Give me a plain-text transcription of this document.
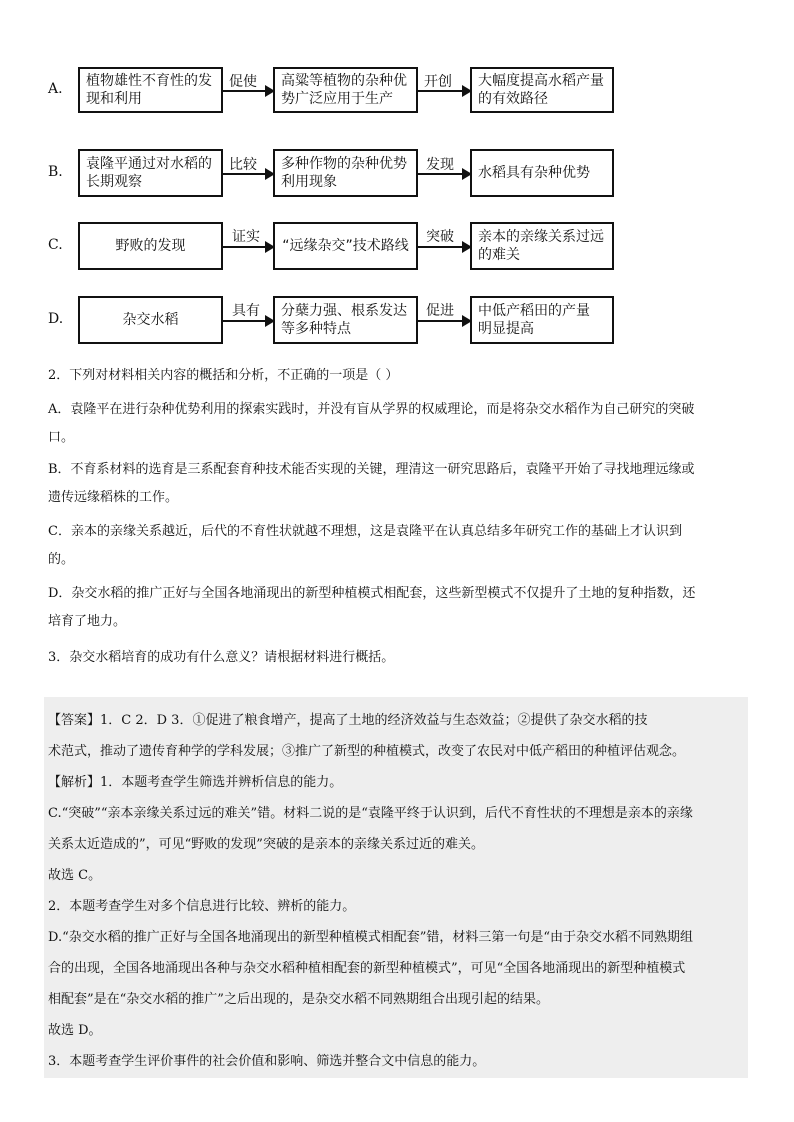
A. 植物雄性不育性的发
现和利用
促使 高粱等植物的杂种优
势广泛应用于生产
开创 大幅度提高水稻产量
的有效路径
B. 袁隆平通过对水稻的
长期观察
比较 多种作物的杂种优势
利用现象
发现 水稻具有杂种优势
C.	野败的发现
证实
“远缘杂交”技术路线
突破 亲本的亲缘关系过远
的难关
D.	杂交水稻
具有 分蘖力强、根系发达
等多种特点
促进 中低产稻田的产量
明显提高
2．下列对材料相关内容的概括和分析，不正确的一项是（ ）
A．袁隆平在进行杂种优势利用的探索实践时，并没有盲从学界的权威理论，而是将杂交水稻作为自己研究的突破
口。
B．不育系材料的选育是三系配套育种技术能否实现的关键，理清这一研究思路后，袁隆平开始了寻找地理远缘或
遗传远缘稻株的工作。
C．亲本的亲缘关系越近，后代的不育性状就越不理想，这是袁隆平在认真总结多年研究工作的基础上才认识到
的。
D．杂交水稻的推广正好与全国各地涌现出的新型种植模式相配套，这些新型模式不仅提升了土地的复种指数，还
培育了地力。
3．杂交水稻培育的成功有什么意义？请根据材料进行概括。
【答案】1．C 2．D 3．①促进了粮食增产，提高了土地的经济效益与生态效益；②提供了杂交水稻的技
术范式，推动了遗传育种学的学科发展；③推广了新型的种植模式，改变了农民对中低产稻田的种植评估观念。
【解析】1．本题考查学生筛选并辨析信息的能力。
C.“突破”“亲本亲缘关系过远的难关”错。材料二说的是“袁隆平终于认识到，后代不育性状的不理想是亲本的亲缘
关系太近造成的”，可见“野败的发现”突破的是亲本的亲缘关系过近的难关。
故选 C。
2．本题考查学生对多个信息进行比较、辨析的能力。
D.“杂交水稻的推广正好与全国各地涌现出的新型种植模式相配套”错，材料三第一句是“由于杂交水稻不同熟期组
合的出现，全国各地涌现出各种与杂交水稻种植相配套的新型种植模式”，可见“全国各地涌现出的新型种植模式
相配套”是在“杂交水稻的推广”之后出现的，是杂交水稻不同熟期组合出现引起的结果。
故选 D。
3．本题考查学生评价事件的社会价值和影响、筛选并整合文中信息的能力。
